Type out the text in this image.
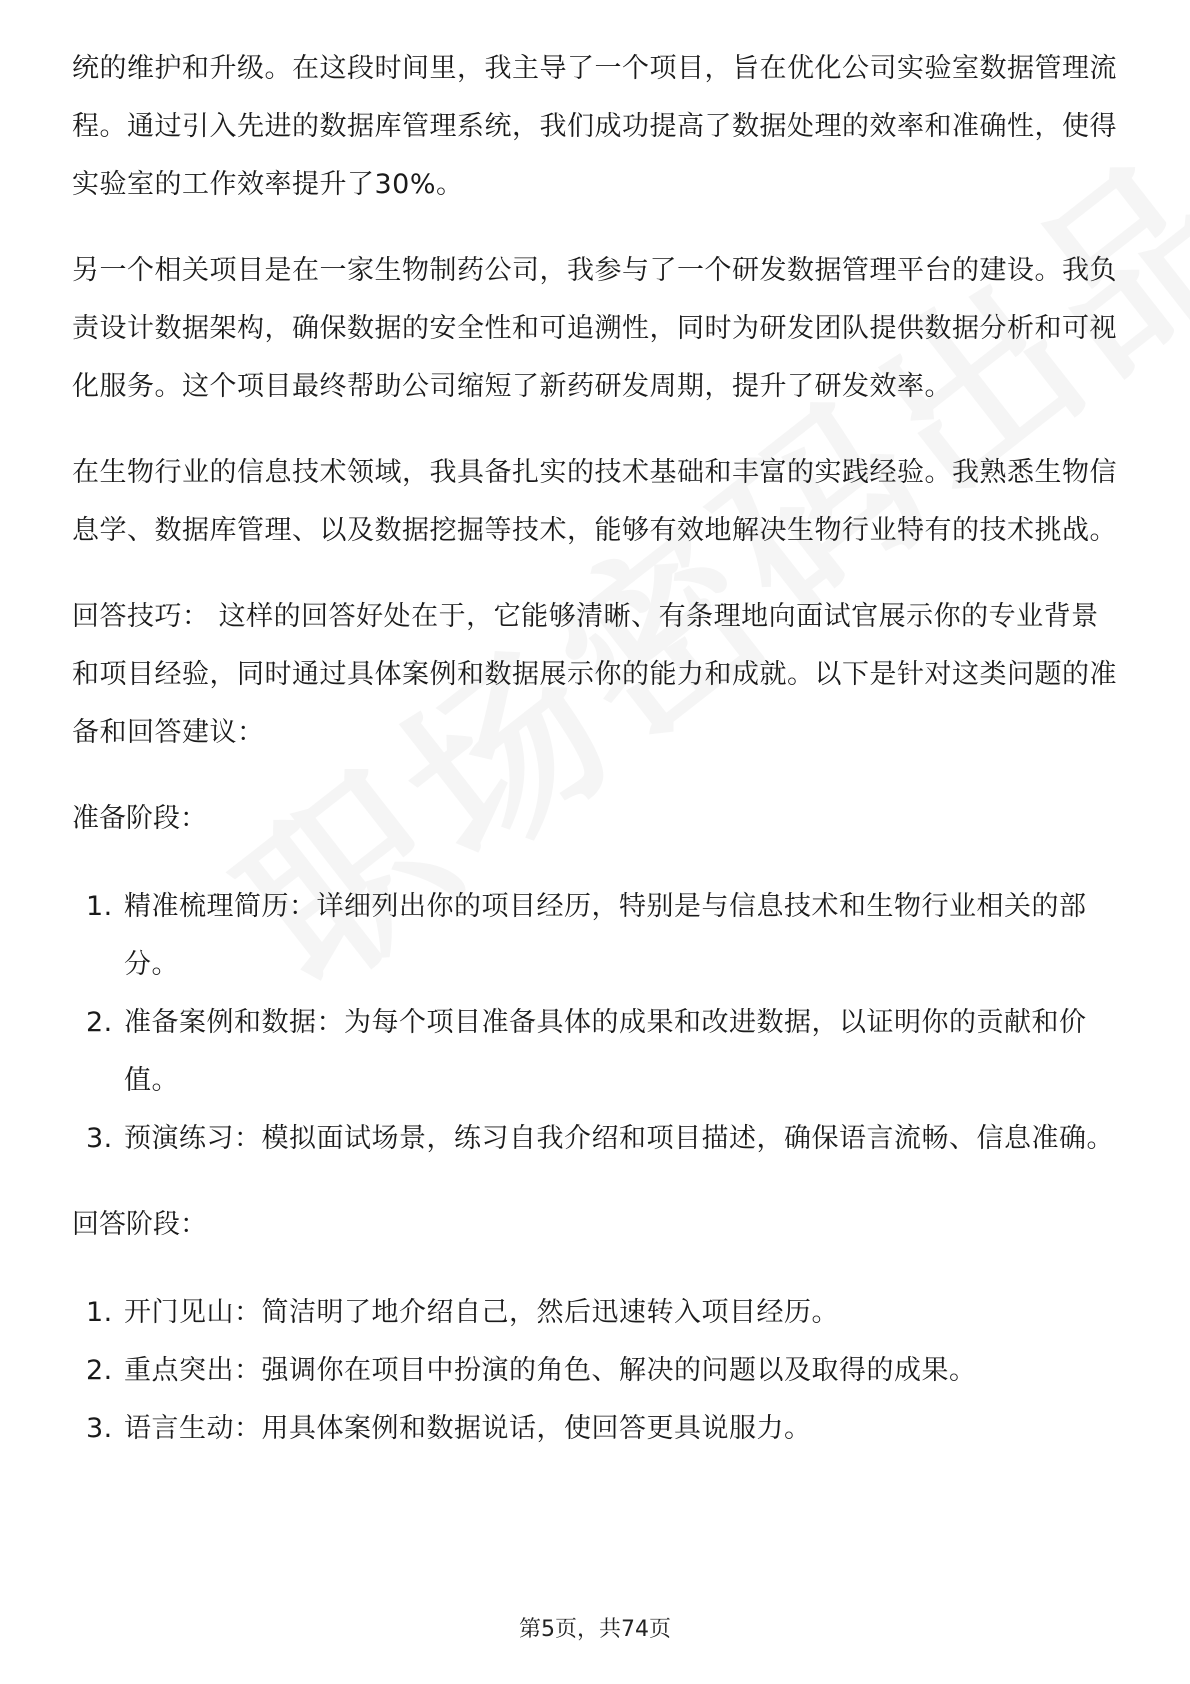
统的维护和升级。在这段时间里，我主导了一个项目，旨在优化公司实验室数据管理流程。通过引入先进的数据库管理系统，我们成功提高了数据处理的效率和准确性，使得实验室的工作效率提升了30%。

另一个相关项目是在一家生物制药公司，我参与了一个研发数据管理平台的建设。我负责设计数据架构，确保数据的安全性和可追溯性，同时为研发团队提供数据分析和可视化服务。这个项目最终帮助公司缩短了新药研发周期，提升了研发效率。

在生物行业的信息技术领域，我具备扎实的技术基础和丰富的实践经验。我熟悉生物信息学、数据库管理、以及数据挖掘等技术，能够有效地解决生物行业特有的技术挑战。

回答技巧： 这样的回答好处在于，它能够清晰、有条理地向面试官展示你的专业背景和项目经验，同时通过具体案例和数据展示你的能力和成就。以下是针对这类问题的准备和回答建议：

准备阶段：

1. 精准梳理简历：详细列出你的项目经历，特别是与信息技术和生物行业相关的部分。
2. 准备案例和数据：为每个项目准备具体的成果和改进数据，以证明你的贡献和价值。
3. 预演练习：模拟面试场景，练习自我介绍和项目描述，确保语言流畅、信息准确。

回答阶段：

1. 开门见山：简洁明了地介绍自己，然后迅速转入项目经历。
2. 重点突出：强调你在项目中扮演的角色、解决的问题以及取得的成果。
3. 语言生动：用具体案例和数据说话，使回答更具说服力。
第5页，共74页
